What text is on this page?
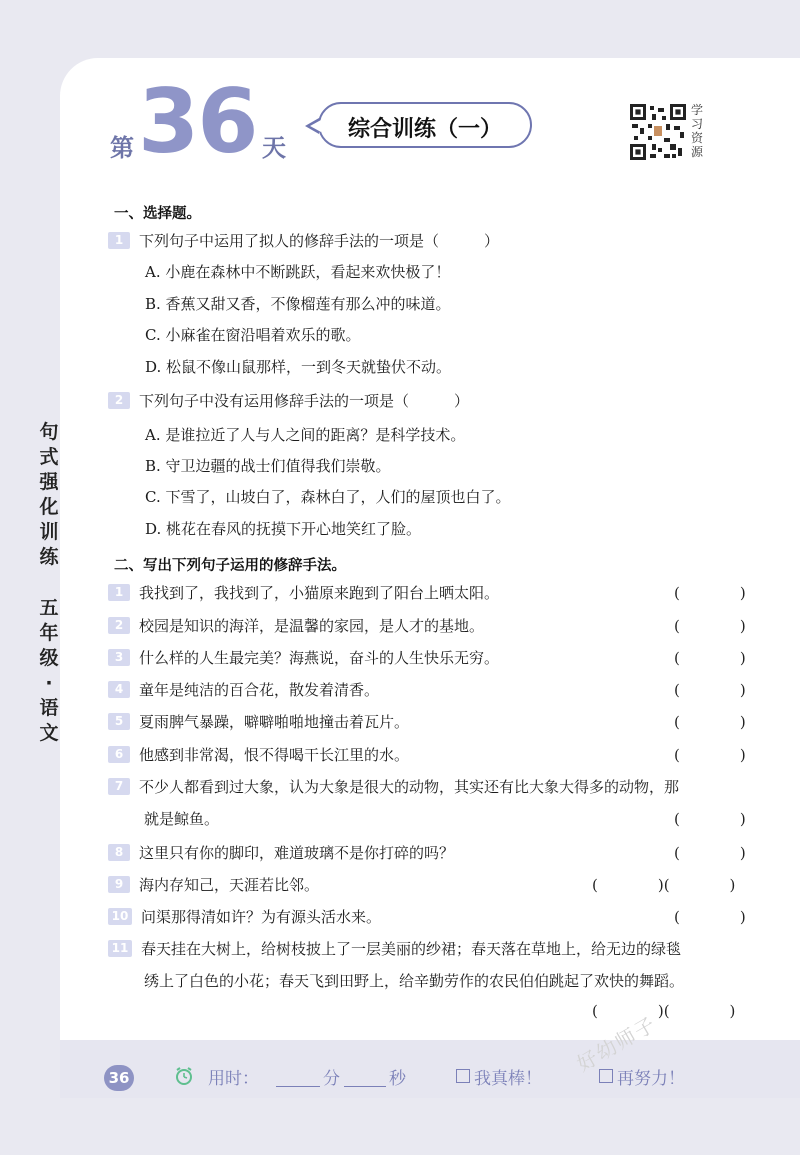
第 36 天
综合训练（一）
学
习
资
源
句
式
强
化
训
练
五
年
级
·
语
文
一、选择题。
1 下列句子中运用了拟人的修辞手法的一项是（　　　）
A. 小鹿在森林中不断跳跃，看起来欢快极了！
B. 香蕉又甜又香，不像榴莲有那么冲的味道。
C. 小麻雀在窗沿唱着欢乐的歌。
D. 松鼠不像山鼠那样，一到冬天就蛰伏不动。
2 下列句子中没有运用修辞手法的一项是（　　　）
A. 是谁拉近了人与人之间的距离？是科学技术。
B. 守卫边疆的战士们值得我们崇敬。
C. 下雪了，山坡白了，森林白了，人们的屋顶也白了。
D. 桃花在春风的抚摸下开心地笑红了脸。
二、写出下列句子运用的修辞手法。
1 我找到了，我找到了，小猫原来跑到了阳台上晒太阳。	(　　　　)
2 校园是知识的海洋，是温馨的家园，是人才的基地。	(　　　　)
3 什么样的人生最完美？海燕说，奋斗的人生快乐无穷。	(　　　　)
4 童年是纯洁的百合花，散发着清香。	(　　　　)
5 夏雨脾气暴躁，噼噼啪啪地撞击着瓦片。	(　　　　)
6 他感到非常渴，恨不得喝干长江里的水。	(　　　　)
7 不少人都看到过大象，认为大象是很大的动物，其实还有比大象大得多的动物，那
就是鲸鱼。	(　　　　)
8 这里只有你的脚印，难道玻璃不是你打碎的吗？	(　　　　)
9 海内存知己，天涯若比邻。	(　　　　)(　　　　)
10 问渠那得清如许？为有源头活水来。	(　　　　)
11 春天挂在大树上，给树枝披上了一层美丽的纱裙；春天落在草地上，给无边的绿毯
绣上了白色的小花；春天飞到田野上，给辛勤劳作的农民伯伯跳起了欢快的舞蹈。
(　　　　)(　　　　)
好幼师子
36	用时：	分	秒	我真棒！	再努力！
